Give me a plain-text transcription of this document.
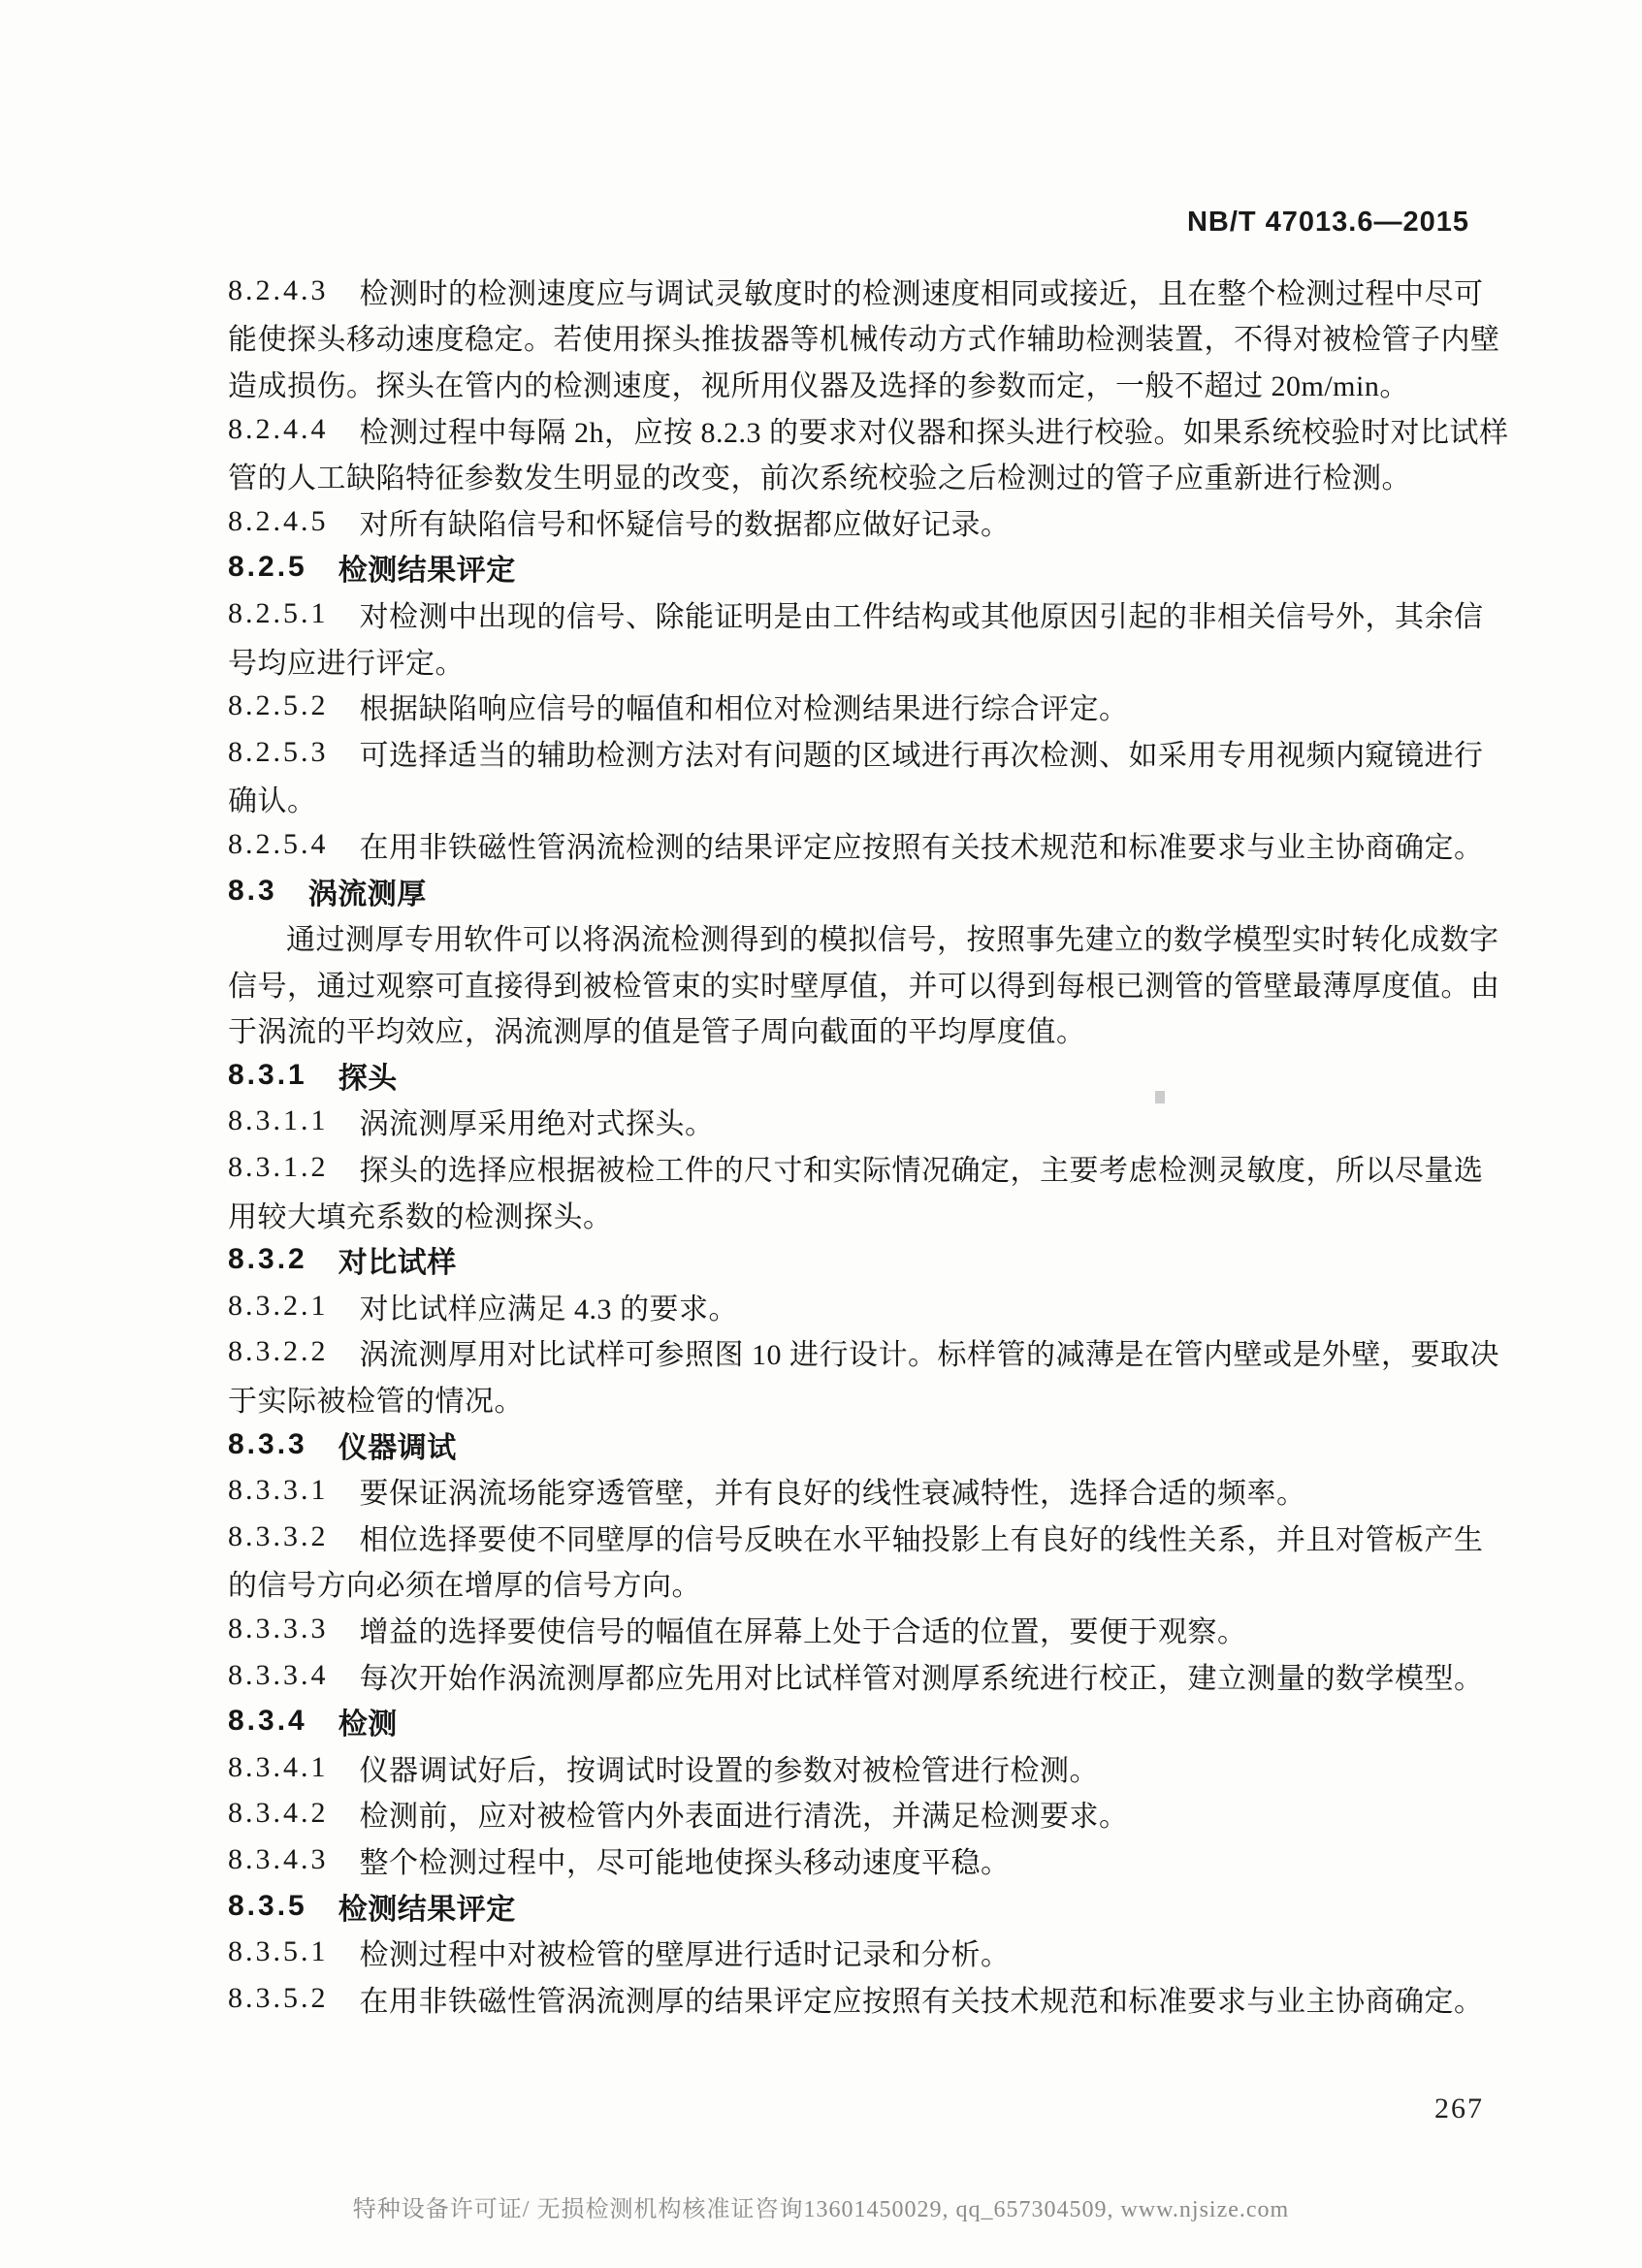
NB/T 47013.6—2015
8.2.4.3 检测时的检测速度应与调试灵敏度时的检测速度相同或接近，且在整个检测过程中尽可
能使探头移动速度稳定。若使用探头推拔器等机械传动方式作辅助检测装置，不得对被检管子内壁
造成损伤。探头在管内的检测速度，视所用仪器及选择的参数而定，一般不超过 20m/min。
8.2.4.4 检测过程中每隔 2h，应按 8.2.3 的要求对仪器和探头进行校验。如果系统校验时对比试样
管的人工缺陷特征参数发生明显的改变，前次系统校验之后检测过的管子应重新进行检测。
8.2.4.5 对所有缺陷信号和怀疑信号的数据都应做好记录。
8.2.5 检测结果评定
8.2.5.1 对检测中出现的信号、除能证明是由工件结构或其他原因引起的非相关信号外，其余信
号均应进行评定。
8.2.5.2 根据缺陷响应信号的幅值和相位对检测结果进行综合评定。
8.2.5.3 可选择适当的辅助检测方法对有问题的区域进行再次检测、如采用专用视频内窥镜进行
确认。
8.2.5.4 在用非铁磁性管涡流检测的结果评定应按照有关技术规范和标准要求与业主协商确定。
8.3 涡流测厚
通过测厚专用软件可以将涡流检测得到的模拟信号，按照事先建立的数学模型实时转化成数字
信号，通过观察可直接得到被检管束的实时壁厚值，并可以得到每根已测管的管壁最薄厚度值。由
于涡流的平均效应，涡流测厚的值是管子周向截面的平均厚度值。
8.3.1 探头
8.3.1.1 涡流测厚采用绝对式探头。
8.3.1.2 探头的选择应根据被检工件的尺寸和实际情况确定，主要考虑检测灵敏度，所以尽量选
用较大填充系数的检测探头。
8.3.2 对比试样
8.3.2.1 对比试样应满足 4.3 的要求。
8.3.2.2 涡流测厚用对比试样可参照图 10 进行设计。标样管的减薄是在管内壁或是外壁，要取决
于实际被检管的情况。
8.3.3 仪器调试
8.3.3.1 要保证涡流场能穿透管壁，并有良好的线性衰减特性，选择合适的频率。
8.3.3.2 相位选择要使不同壁厚的信号反映在水平轴投影上有良好的线性关系，并且对管板产生
的信号方向必须在增厚的信号方向。
8.3.3.3 增益的选择要使信号的幅值在屏幕上处于合适的位置，要便于观察。
8.3.3.4 每次开始作涡流测厚都应先用对比试样管对测厚系统进行校正，建立测量的数学模型。
8.3.4 检测
8.3.4.1 仪器调试好后，按调试时设置的参数对被检管进行检测。
8.3.4.2 检测前，应对被检管内外表面进行清洗，并满足检测要求。
8.3.4.3 整个检测过程中，尽可能地使探头移动速度平稳。
8.3.5 检测结果评定
8.3.5.1 检测过程中对被检管的壁厚进行适时记录和分析。
8.3.5.2 在用非铁磁性管涡流测厚的结果评定应按照有关技术规范和标准要求与业主协商确定。
267
特种设备许可证/ 无损检测机构核准证咨询13601450029, qq_657304509, www.njsize.com
